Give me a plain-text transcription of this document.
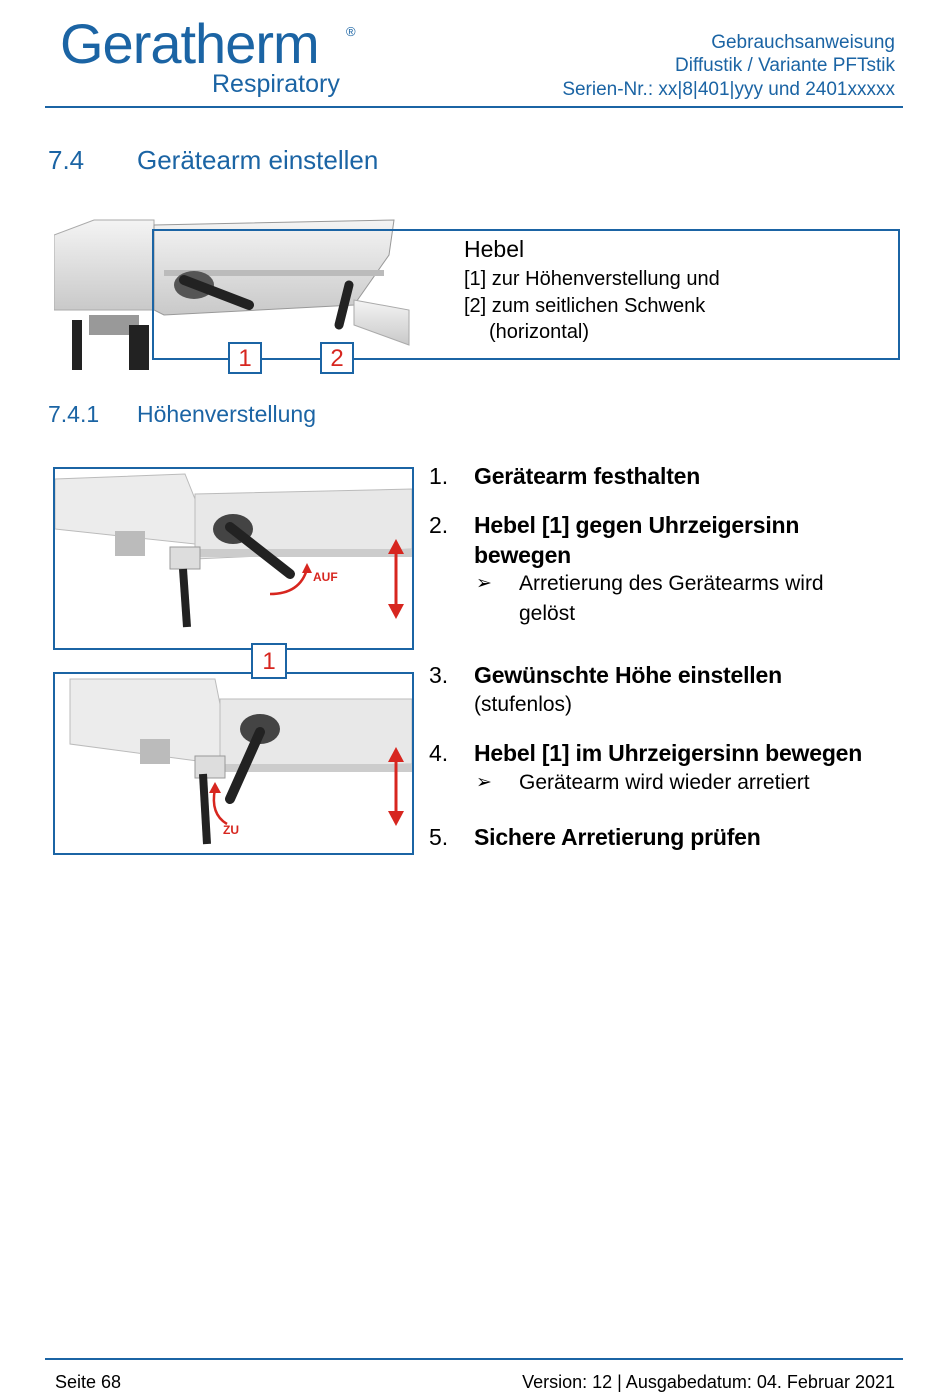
Geratherm ®
Respiratory
Gebrauchsanweisung
Diffustik / Variante PFTstik
Serien-Nr.: xx|8|401|yyy und 2401xxxxx
7.4 Gerätearm einstellen
1	2
Hebel
[1] zur Höhenverstellung und
[2] zum seitlichen Schwenk
(horizontal)
7.4.1 Höhenverstellung
AUF
ZU
1
1. Gerätearm festhalten
2. Hebel [1] gegen Uhrzeigersinn
bewegen
➢ Arretierung des Gerätearms wird
gelöst
3. Gewünschte Höhe einstellen
(stufenlos)
4. Hebel [1] im Uhrzeigersinn bewegen
➢ Gerätearm wird wieder arretiert
5. Sichere Arretierung prüfen
Seite 68	Version: 12 | Ausgabedatum: 04. Februar 2021
